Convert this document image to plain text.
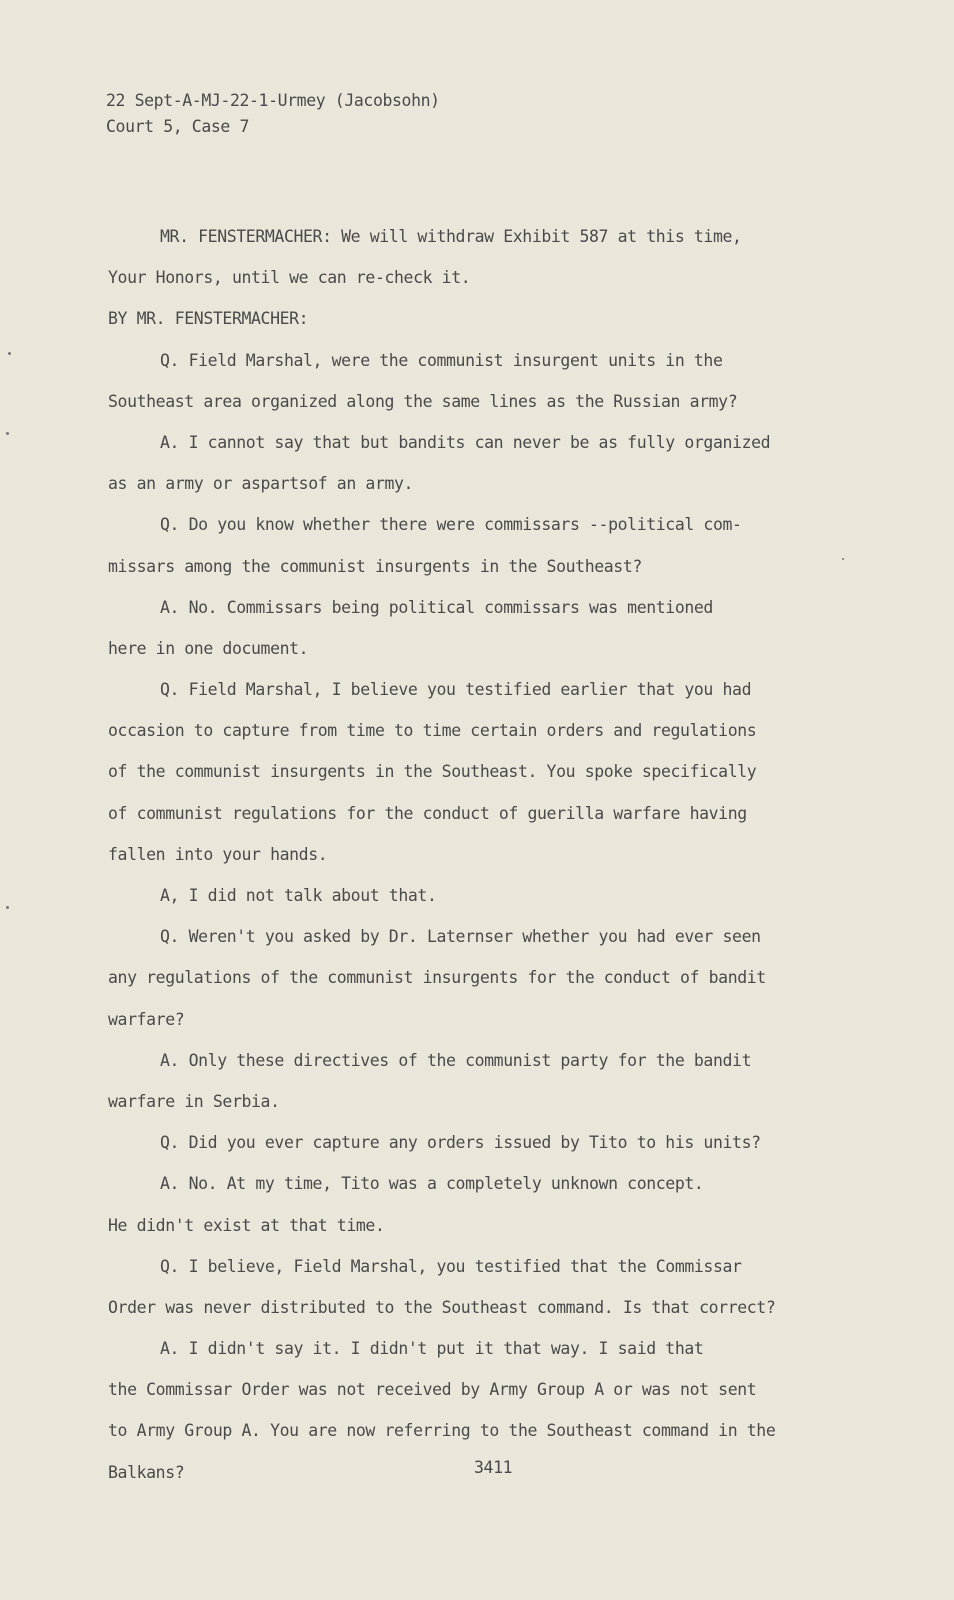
22 Sept-A-MJ-22-1-Urmey (Jacobsohn)
Court 5, Case 7
MR. FENSTERMACHER: We will withdraw Exhibit 587 at this time,
Your Honors, until we can re-check it.
BY MR. FENSTERMACHER:
Q. Field Marshal, were the communist insurgent units in the
Southeast area organized along the same lines as the Russian army?
A. I cannot say that but bandits can never be as fully organized
as an army or aspartsof an army.
Q. Do you know whether there were commissars --political com-
missars among the communist insurgents in the Southeast?
A. No. Commissars being political commissars was mentioned
here in one document.
Q. Field Marshal, I believe you testified earlier that you had
occasion to capture from time to time certain orders and regulations
of the communist insurgents in the Southeast. You spoke specifically
of communist regulations for the conduct of guerilla warfare having
fallen into your hands.
A, I did not talk about that.
Q. Weren't you asked by Dr. Laternser whether you had ever seen
any regulations of the communist insurgents for the conduct of bandit
warfare?
A. Only these directives of the communist party for the bandit
warfare in Serbia.
Q. Did you ever capture any orders issued by Tito to his units?
A. No. At my time, Tito was a completely unknown concept.
He didn't exist at that time.
Q. I believe, Field Marshal, you testified that the Commissar
Order was never distributed to the Southeast command. Is that correct?
A. I didn't say it. I didn't put it that way. I said that
the Commissar Order was not received by Army Group A or was not sent
to Army Group A. You are now referring to the Southeast command in the
Balkans?	3411
